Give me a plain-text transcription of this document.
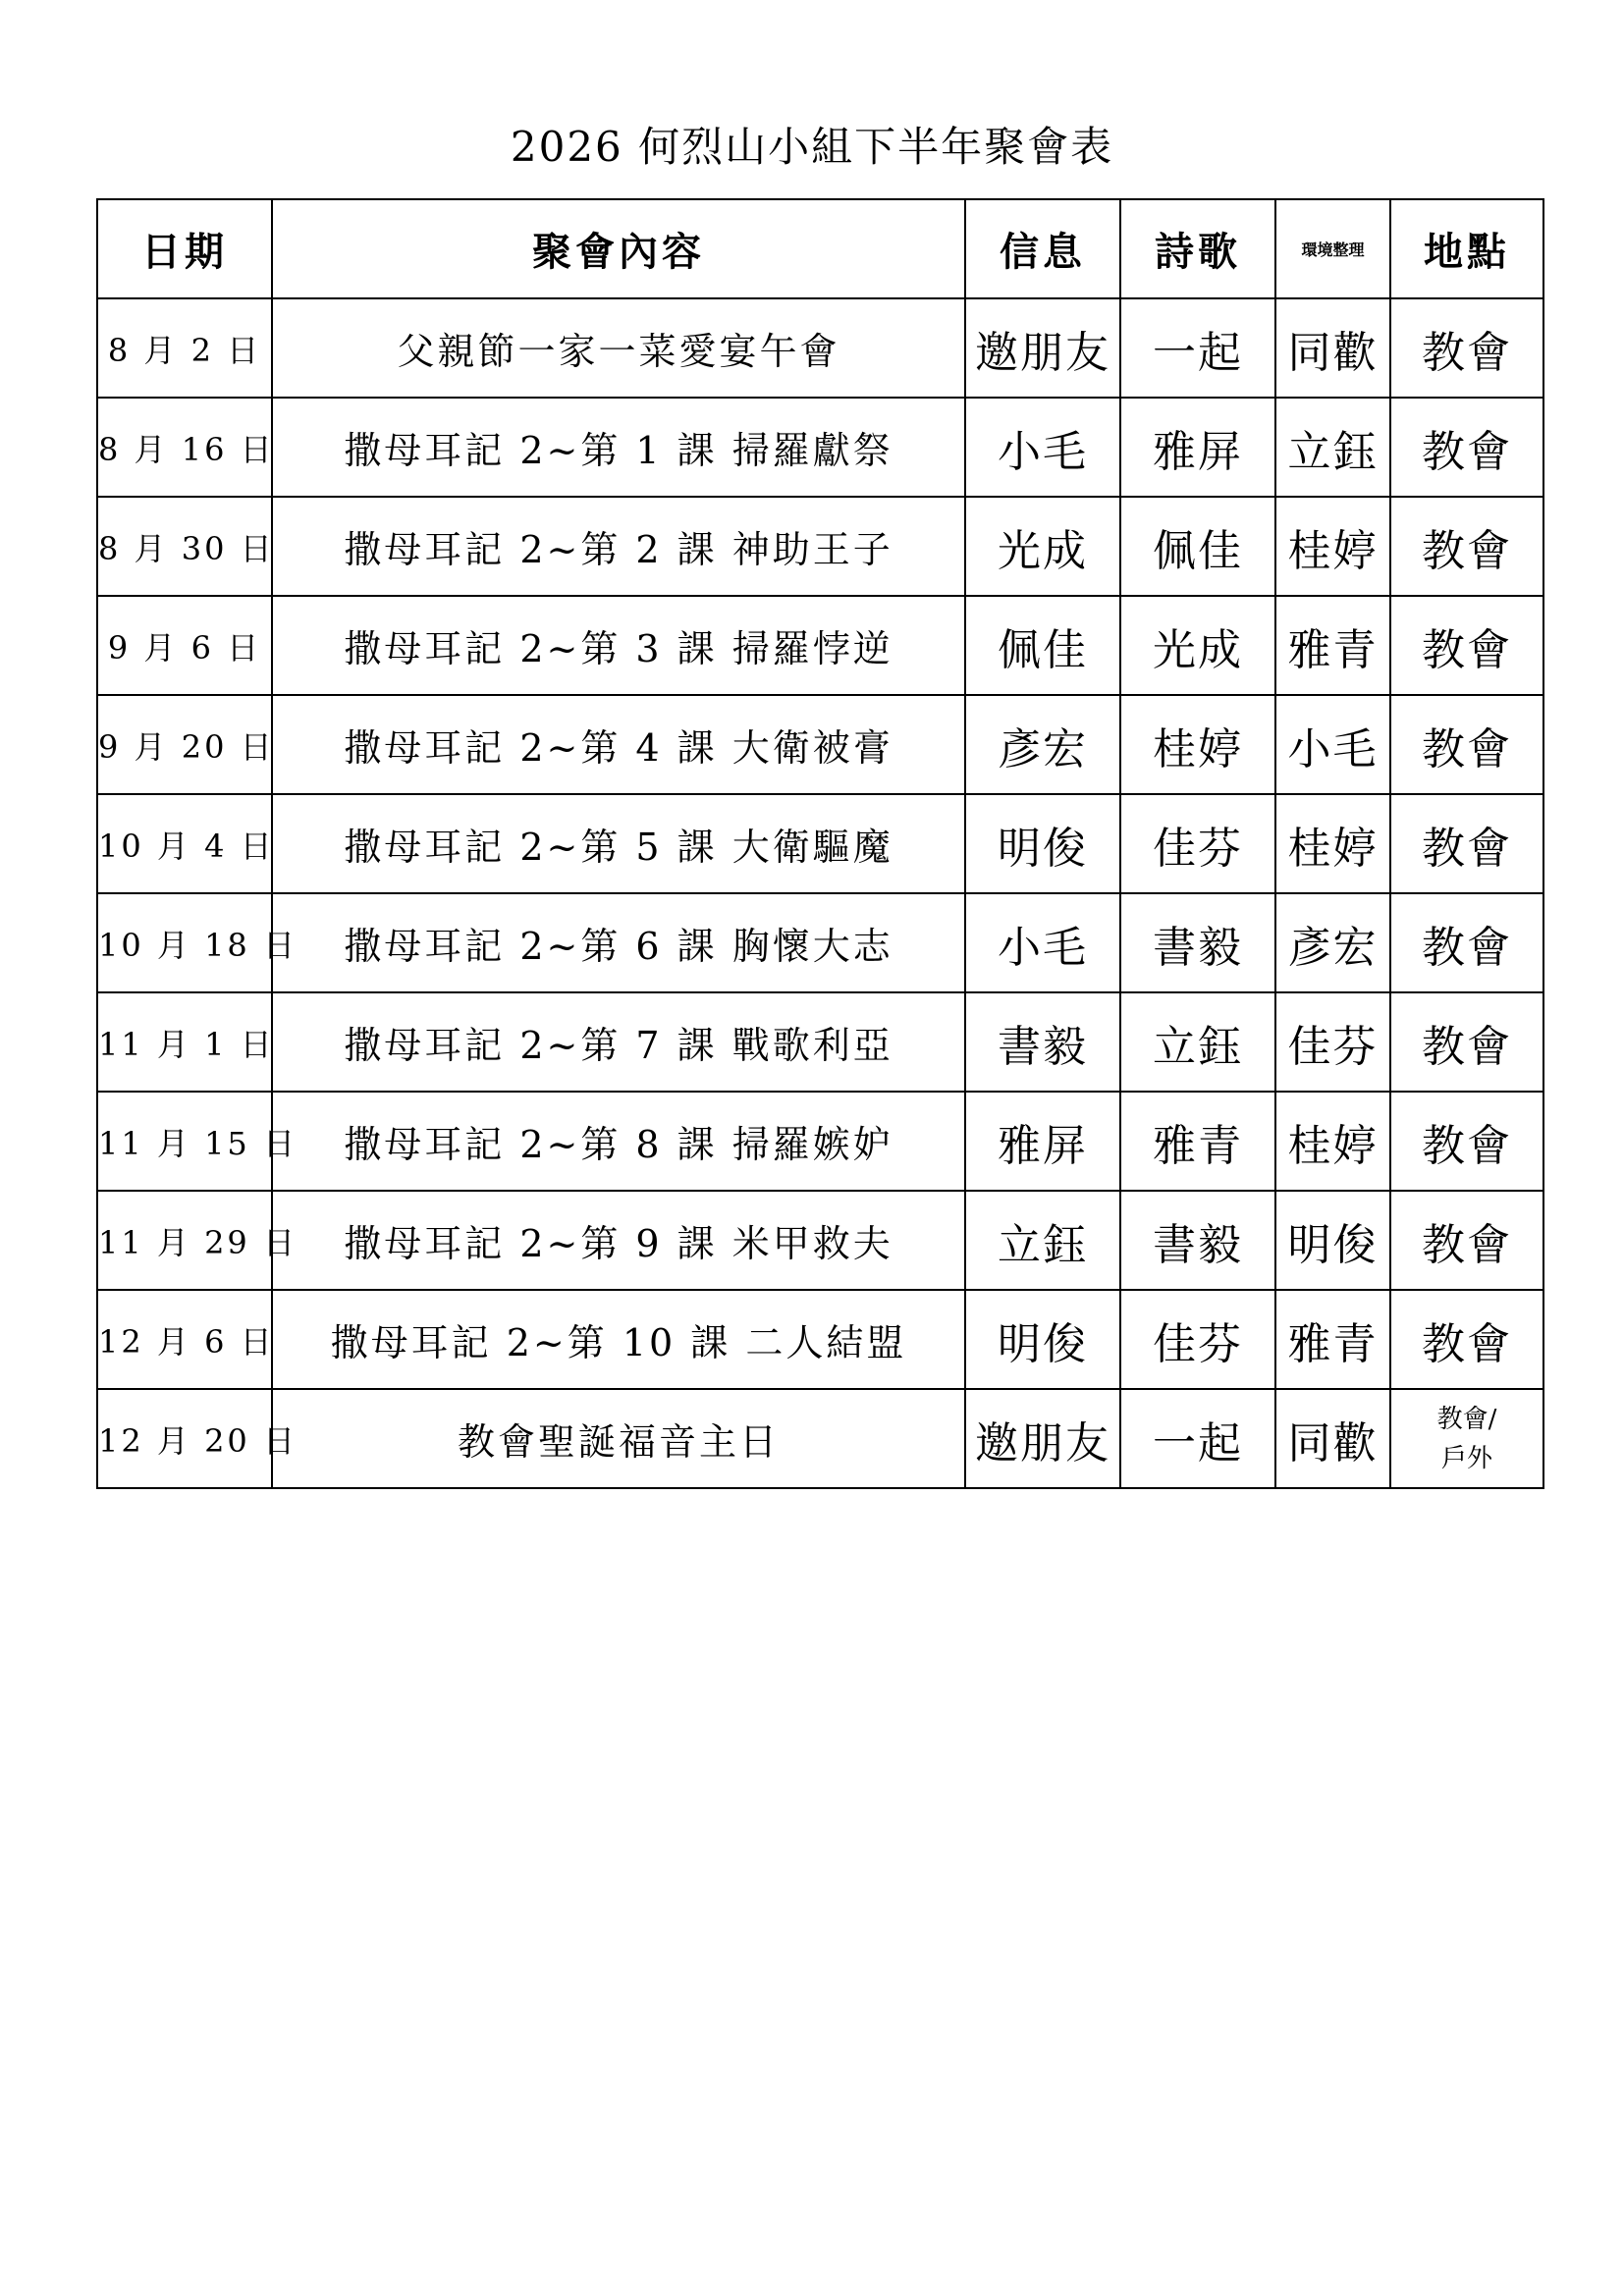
2026 何烈山小組下半年聚會表
日期	聚會內容	信息	詩歌	環境整理	地點
8 月 2 日	父親節一家一菜愛宴午會	邀朋友	一起	同歡	教會
8 月 16 日	撒母耳記 2~第 1 課 掃羅獻祭	小毛	雅屏	立鈺	教會
8 月 30 日	撒母耳記 2~第 2 課 神助王子	光成	佩佳	桂婷	教會
9 月 6 日	撒母耳記 2~第 3 課 掃羅悖逆	佩佳	光成	雅青	教會
9 月 20 日	撒母耳記 2~第 4 課 大衛被膏	彥宏	桂婷	小毛	教會
10 月 4 日	撒母耳記 2~第 5 課 大衛驅魔	明俊	佳芬	桂婷	教會
10 月 18 日	撒母耳記 2~第 6 課 胸懷大志	小毛	書毅	彥宏	教會
11 月 1 日	撒母耳記 2~第 7 課 戰歌利亞	書毅	立鈺	佳芬	教會
11 月 15 日	撒母耳記 2~第 8 課 掃羅嫉妒	雅屏	雅青	桂婷	教會
11 月 29 日	撒母耳記 2~第 9 課 米甲救夫	立鈺	書毅	明俊	教會
12 月 6 日	撒母耳記 2~第 10 課 二人結盟	明俊	佳芬	雅青	教會
12 月 20 日	教會聖誕福音主日	邀朋友	一起	同歡	教會/
戶外
